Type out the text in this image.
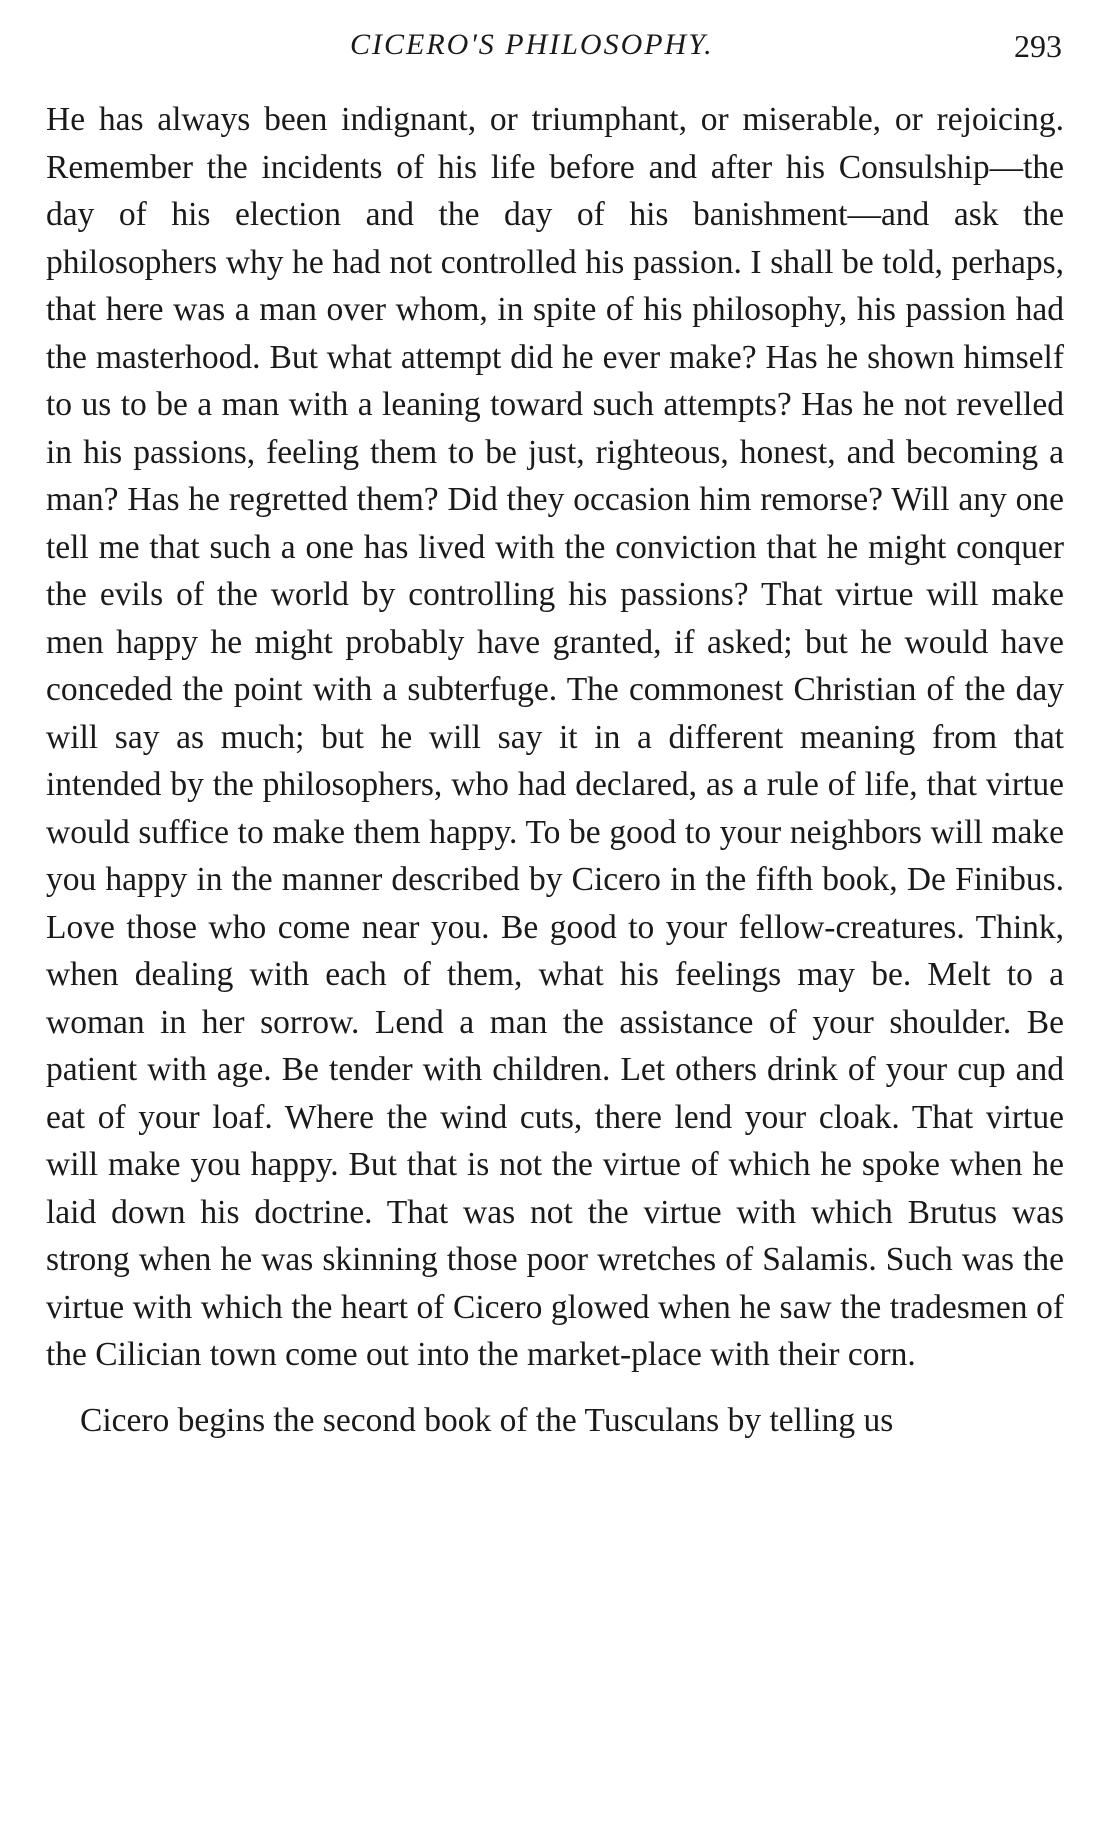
CICERO'S PHILOSOPHY.	293

He has always been indignant, or triumphant, or miserable, or rejoicing. Remember the incidents of his life before and after his Consulship—the day of his election and the day of his banishment—and ask the philosophers why he had not controlled his passion. I shall be told, perhaps, that here was a man over whom, in spite of his philosophy, his passion had the masterhood. But what attempt did he ever make? Has he shown himself to us to be a man with a leaning toward such attempts? Has he not revelled in his passions, feeling them to be just, righteous, honest, and becoming a man? Has he regretted them? Did they occasion him remorse? Will any one tell me that such a one has lived with the conviction that he might conquer the evils of the world by controlling his passions? That virtue will make men happy he might probably have granted, if asked; but he would have conceded the point with a subterfuge. The commonest Christian of the day will say as much; but he will say it in a different meaning from that intended by the philosophers, who had declared, as a rule of life, that virtue would suffice to make them happy. To be good to your neighbors will make you happy in the manner described by Cicero in the fifth book, De Finibus. Love those who come near you. Be good to your fellow-creatures. Think, when dealing with each of them, what his feelings may be. Melt to a woman in her sorrow. Lend a man the assistance of your shoulder. Be patient with age. Be tender with children. Let others drink of your cup and eat of your loaf. Where the wind cuts, there lend your cloak. That virtue will make you happy. But that is not the virtue of which he spoke when he laid down his doctrine. That was not the virtue with which Brutus was strong when he was skinning those poor wretches of Salamis. Such was the virtue with which the heart of Cicero glowed when he saw the tradesmen of the Cilician town come out into the market-place with their corn.

Cicero begins the second book of the Tusculans by telling us
